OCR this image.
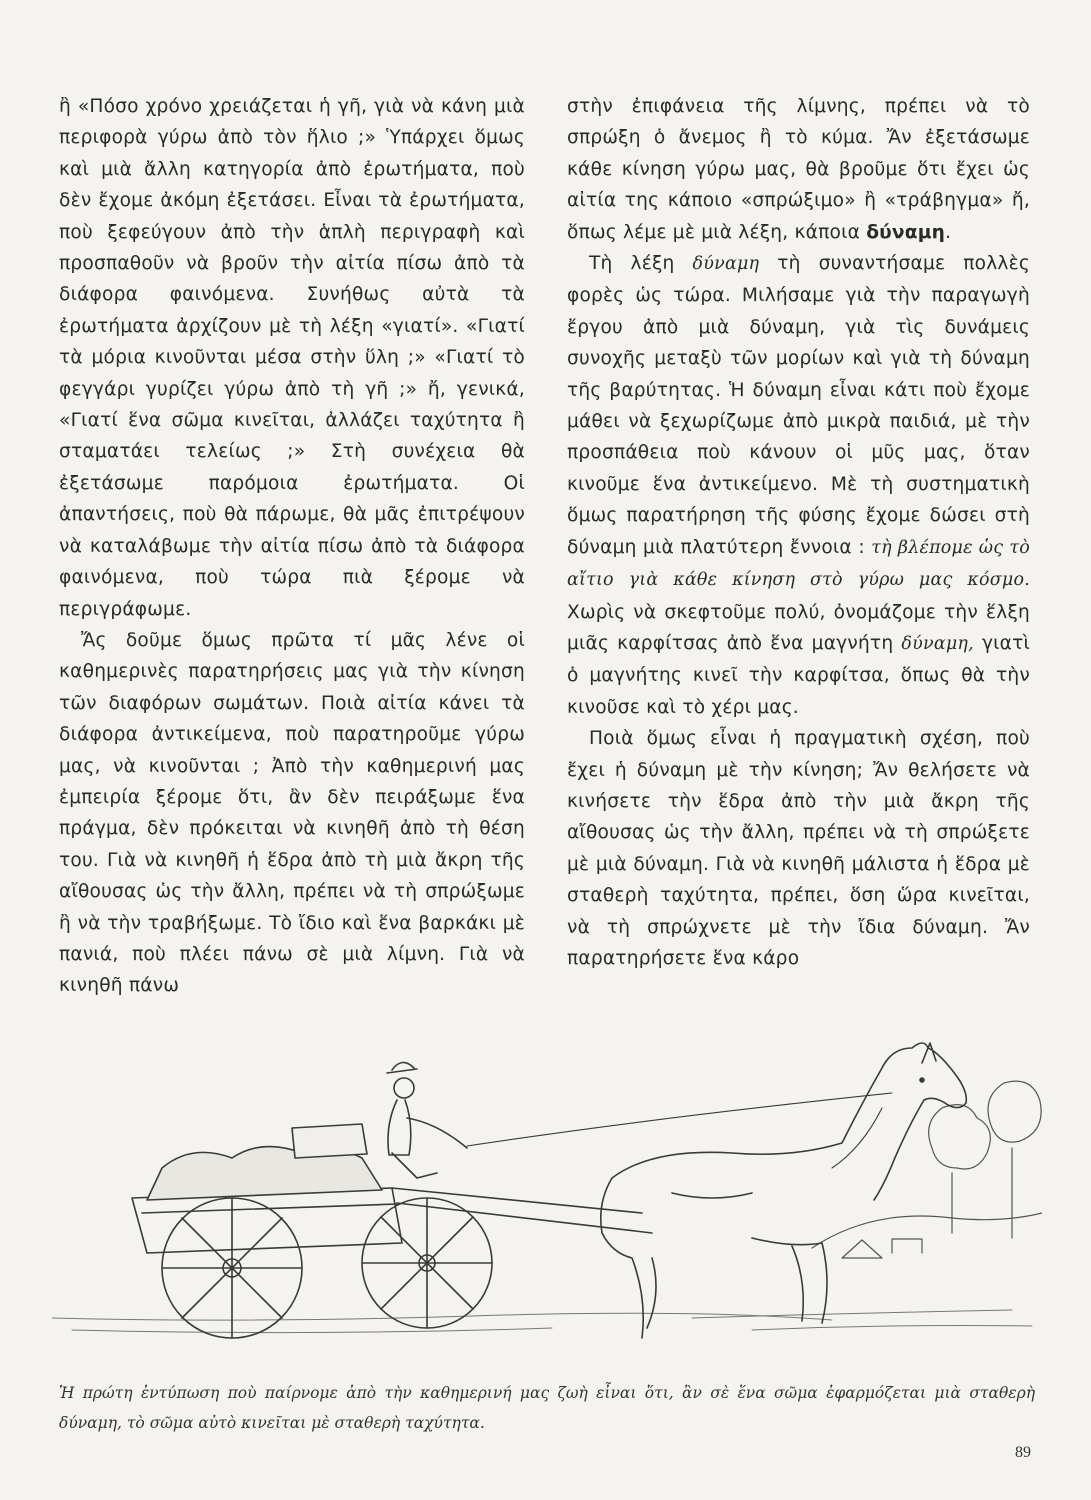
ἢ «Πόσο χρόνο χρειάζεται ἡ γῆ, γιὰ νὰ κάνη μιὰ περιφορὰ γύρω ἀπὸ τὸν ἥλιο ;» Ὑπάρχει ὅμως καὶ μιὰ ἄλλη κατηγορία ἀπὸ ἐρωτήματα, ποὺ δὲν ἔχομε ἀκόμη ἐξετάσει. Εἶναι τὰ ἐρωτήματα, ποὺ ξεφεύγουν ἀπὸ τὴν ἁπλὴ περιγραφὴ καὶ προσπαθοῦν νὰ βροῦν τὴν αἰτία πίσω ἀπὸ τὰ διάφορα φαινόμενα. Συνήθως αὐτὰ τὰ ἐρωτήματα ἀρχίζουν μὲ τὴ λέξη «γιατί». «Γιατί τὰ μόρια κινοῦνται μέσα στὴν ὕλη ;» «Γιατί τὸ φεγγάρι γυρίζει γύρω ἀπὸ τὴ γῆ ;» ἤ, γενικά, «Γιατί ἕνα σῶμα κινεῖται, ἀλλάζει ταχύτητα ἢ σταματάει τελείως ;» Στὴ συνέχεια θὰ ἐξετάσωμε παρόμοια ἐρωτήματα. Οἱ ἀπαντήσεις, ποὺ θὰ πάρωμε, θὰ μᾶς ἐπιτρέψουν νὰ καταλάβωμε τὴν αἰτία πίσω ἀπὸ τὰ διάφορα φαινόμενα, ποὺ τώρα πιὰ ξέρομε νὰ περιγράφωμε.

Ἄς δοῦμε ὅμως πρῶτα τί μᾶς λένε οἱ καθημερινὲς παρατηρήσεις μας γιὰ τὴν κίνηση τῶν διαφόρων σωμάτων. Ποιὰ αἰτία κάνει τὰ διάφορα ἀντικείμενα, ποὺ παρατηροῦμε γύρω μας, νὰ κινοῦνται ; Ἀπὸ τὴν καθημερινή μας ἐμπειρία ξέρομε ὅτι, ἂν δὲν πειράξωμε ἕνα πράγμα, δὲν πρόκειται νὰ κινηθῆ ἀπὸ τὴ θέση του. Γιὰ νὰ κινηθῆ ἡ ἕδρα ἀπὸ τὴ μιὰ ἄκρη τῆς αἴθουσας ὡς τὴν ἄλλη, πρέπει νὰ τὴ σπρώξωμε ἢ νὰ τὴν τραβήξωμε. Τὸ ἴδιο καὶ ἕνα βαρκάκι μὲ πανιά, ποὺ πλέει πάνω σὲ μιὰ λίμνη. Γιὰ νὰ κινηθῆ πάνω

στὴν ἐπιφάνεια τῆς λίμνης, πρέπει νὰ τὸ σπρώξη ὁ ἄνεμος ἢ τὸ κύμα. Ἄν ἐξετάσωμε κάθε κίνηση γύρω μας, θὰ βροῦμε ὅτι ἔχει ὡς αἰτία της κάποιο «σπρώξιμο» ἢ «τράβηγμα» ἤ, ὅπως λέμε μὲ μιὰ λέξη, κάποια δύναμη.

Τὴ λέξη δύναμη τὴ συναντήσαμε πολλὲς φορὲς ὡς τώρα. Μιλήσαμε γιὰ τὴν παραγωγὴ ἔργου ἀπὸ μιὰ δύναμη, γιὰ τὶς δυνάμεις συνοχῆς μεταξὺ τῶν μορίων καὶ γιὰ τὴ δύναμη τῆς βαρύτητας. Ἡ δύναμη εἶναι κάτι ποὺ ἔχομε μάθει νὰ ξεχωρίζωμε ἀπὸ μικρὰ παιδιά, μὲ τὴν προσπάθεια ποὺ κάνουν οἱ μῦς μας, ὅταν κινοῦμε ἕνα ἀντικείμενο. Μὲ τὴ συστηματικὴ ὅμως παρατήρηση τῆς φύσης ἔχομε δώσει στὴ δύναμη μιὰ πλατύτερη ἔννοια : τὴ βλέπομε ὡς τὸ αἴτιο γιὰ κάθε κίνηση στὸ γύρω μας κόσμο. Χωρὶς νὰ σκεφτοῦμε πολύ, ὀνομάζομε τὴν ἕλξη μιᾶς καρφίτσας ἀπὸ ἕνα μαγνήτη δύναμη, γιατὶ ὁ μαγνήτης κινεῖ τὴν καρφίτσα, ὅπως θὰ τὴν κινοῦσε καὶ τὸ χέρι μας.

Ποιὰ ὅμως εἶναι ἡ πραγματικὴ σχέση, ποὺ ἔχει ἡ δύναμη μὲ τὴν κίνηση; Ἄν θελήσετε νὰ κινήσετε τὴν ἕδρα ἀπὸ τὴν μιὰ ἄκρη τῆς αἴθουσας ὡς τὴν ἄλλη, πρέπει νὰ τὴ σπρώξετε μὲ μιὰ δύναμη. Γιὰ νὰ κινηθῆ μάλιστα ἡ ἕδρα μὲ σταθερὴ ταχύτητα, πρέπει, ὅση ὥρα κινεῖται, νὰ τὴ σπρώχνετε μὲ τὴν ἴδια δύναμη. Ἄν παρατηρήσετε ἕνα κάρο

Ἡ πρώτη ἐντύπωση ποὺ παίρνομε ἀπὸ τὴν καθημερινή μας ζωὴ εἶναι ὅτι, ἂν σὲ ἕνα σῶμα ἐφαρμόζεται μιὰ σταθερὴ δύναμη, τὸ σῶμα αὐτὸ κινεῖται μὲ σταθερὴ ταχύτητα.
89
